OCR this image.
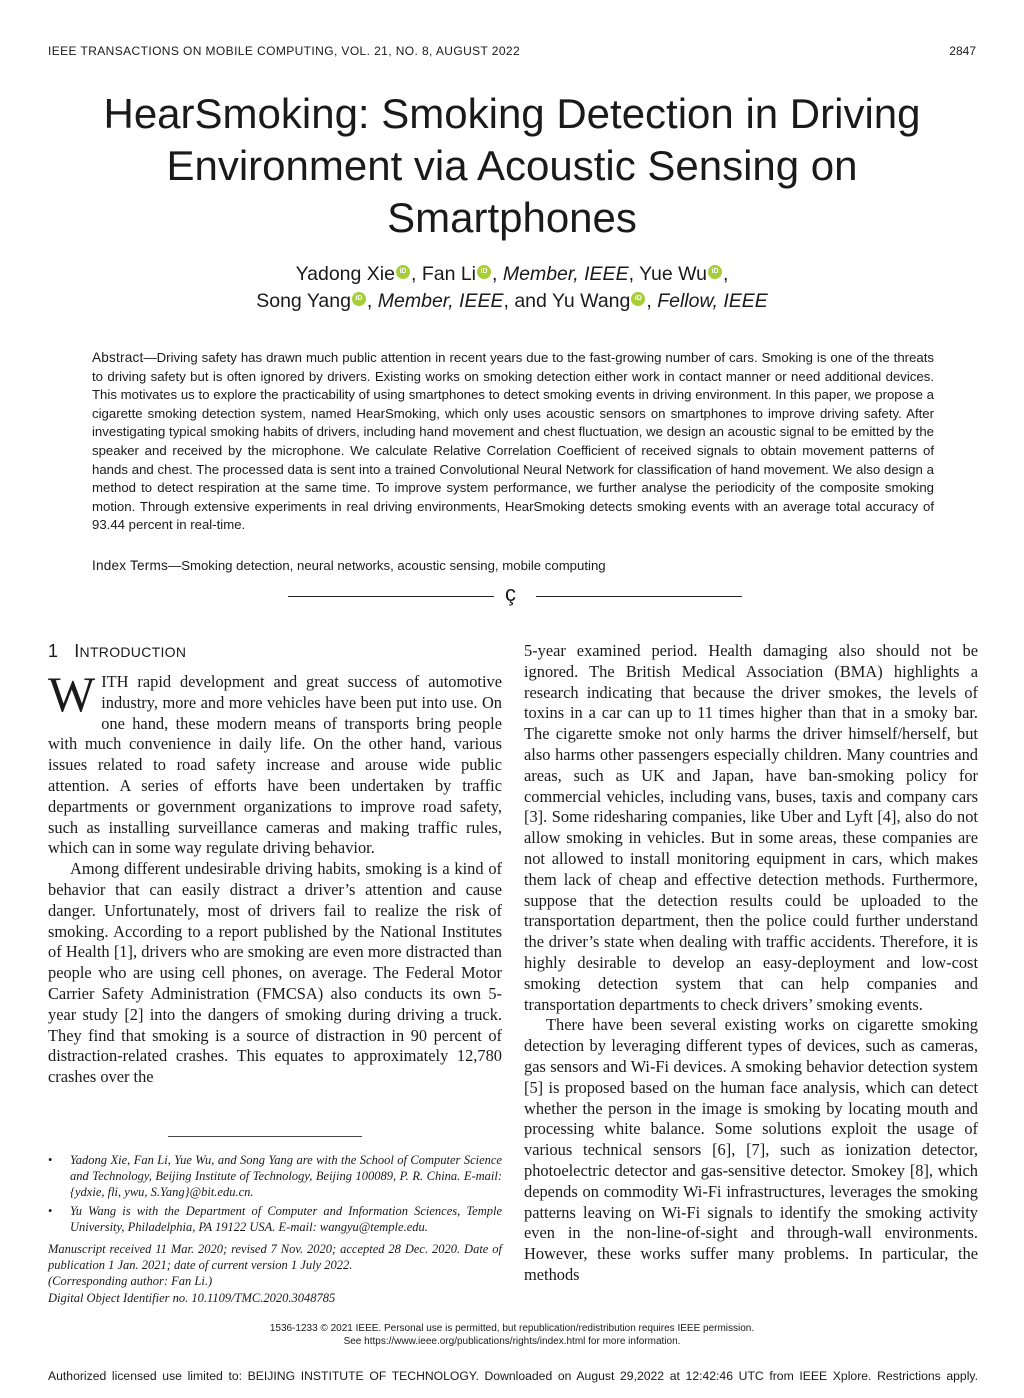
IEEE TRANSACTIONS ON MOBILE COMPUTING, VOL. 21, NO. 8, AUGUST 2022	2847
HearSmoking: Smoking Detection in Driving Environment via Acoustic Sensing on Smartphones
Yadong Xie iD , Fan Li iD , Member, IEEE, Yue Wu iD ,
Song Yang iD , Member, IEEE, and Yu Wang iD , Fellow, IEEE
Abstract—Driving safety has drawn much public attention in recent years due to the fast-growing number of cars. Smoking is one of the threats to driving safety but is often ignored by drivers. Existing works on smoking detection either work in contact manner or need additional devices. This motivates us to explore the practicability of using smartphones to detect smoking events in driving environment. In this paper, we propose a cigarette smoking detection system, named HearSmoking, which only uses acoustic sensors on smartphones to improve driving safety. After investigating typical smoking habits of drivers, including hand movement and chest fluctuation, we design an acoustic signal to be emitted by the speaker and received by the microphone. We calculate Relative Correlation Coefficient of received signals to obtain movement patterns of hands and chest. The processed data is sent into a trained Convolutional Neural Network for classification of hand movement. We also design a method to detect respiration at the same time. To improve system performance, we further analyse the periodicity of the composite smoking motion. Through extensive experiments in real driving environments, HearSmoking detects smoking events with an average total accuracy of 93.44 percent in real-time.
Index Terms—Smoking detection, neural networks, acoustic sensing, mobile computing
ç
1 INTRODUCTION

WITH rapid development and great success of automotive industry, more and more vehicles have been put into use. On one hand, these modern means of transports bring people with much convenience in daily life. On the other hand, various issues related to road safety increase and arouse wide public attention. A series of efforts have been undertaken by traffic departments or government organizations to improve road safety, such as installing surveillance cameras and making traffic rules, which can in some way regulate driving behavior.

Among different undesirable driving habits, smoking is a kind of behavior that can easily distract a driver’s attention and cause danger. Unfortunately, most of drivers fail to realize the risk of smoking. According to a report published by the National Institutes of Health [1], drivers who are smoking are even more distracted than people who are using cell phones, on average. The Federal Motor Carrier Safety Administration (FMCSA) also conducts its own 5-year study [2] into the dangers of smoking during driving a truck. They find that smoking is a source of distraction in 90 percent of distraction-related crashes. This equates to approximately 12,780 crashes over the

5-year examined period. Health damaging also should not be ignored. The British Medical Association (BMA) highlights a research indicating that because the driver smokes, the levels of toxins in a car can up to 11 times higher than that in a smoky bar. The cigarette smoke not only harms the driver himself/herself, but also harms other passengers especially children. Many countries and areas, such as UK and Japan, have ban-smoking policy for commercial vehicles, including vans, buses, taxis and company cars [3]. Some ridesharing companies, like Uber and Lyft [4], also do not allow smoking in vehicles. But in some areas, these companies are not allowed to install monitoring equipment in cars, which makes them lack of cheap and effective detection methods. Furthermore, suppose that the detection results could be uploaded to the transportation department, then the police could further understand the driver’s state when dealing with traffic accidents. Therefore, it is highly desirable to develop an easy-deployment and low-cost smoking detection system that can help companies and transportation departments to check drivers’ smoking events.

There have been several existing works on cigarette smoking detection by leveraging different types of devices, such as cameras, gas sensors and Wi-Fi devices. A smoking behavior detection system [5] is proposed based on the human face analysis, which can detect whether the person in the image is smoking by locating mouth and processing white balance. Some solutions exploit the usage of various technical sensors [6], [7], such as ionization detector, photoelectric detector and gas-sensitive detector. Smokey [8], which depends on commodity Wi-Fi infrastructures, leverages the smoking patterns leaving on Wi-Fi signals to identify the smoking activity even in the non-line-of-sight and through-wall environments. However, these works suffer many problems. In particular, the methods

•	Yadong Xie, Fan Li, Yue Wu, and Song Yang are with the School of Computer Science and Technology, Beijing Institute of Technology, Beijing 100089, P. R. China. E-mail: {ydxie, fli, ywu, S.Yang}@bit.edu.cn.
•	Yu Wang is with the Department of Computer and Information Sciences, Temple University, Philadelphia, PA 19122 USA. E-mail: wangyu@temple.edu.
Manuscript received 11 Mar. 2020; revised 7 Nov. 2020; accepted 28 Dec. 2020. Date of publication 1 Jan. 2021; date of current version 1 July 2022.
(Corresponding author: Fan Li.)
Digital Object Identifier no. 10.1109/TMC.2020.3048785
1536-1233 © 2021 IEEE. Personal use is permitted, but republication/redistribution requires IEEE permission.
See https://www.ieee.org/publications/rights/index.html for more information.
Authorized licensed use limited to: BEIJING INSTITUTE OF TECHNOLOGY. Downloaded on August 29,2022 at 12:42:46 UTC from IEEE Xplore. Restrictions apply.
